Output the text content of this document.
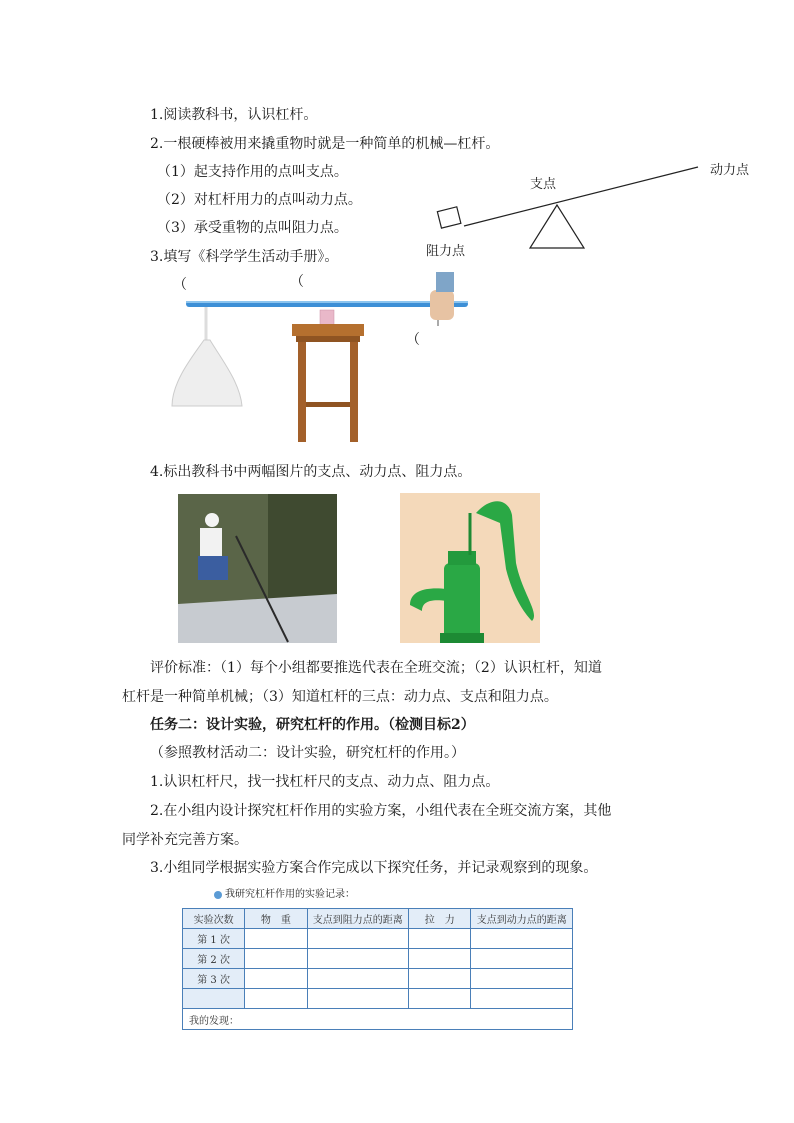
1.阅读教科书，认识杠杆。
2.一根硬棒被用来撬重物时就是一种简单的机械—杠杆。
（1）起支持作用的点叫支点。
（2）对杠杆用力的点叫动力点。
（3）承受重物的点叫阻力点。
3.填写《科学学生活动手册》。
支点
动力点
阻力点
（	（
（
4.标出教科书中两幅图片的支点、动力点、阻力点。
评价标准：（1）每个小组都要推选代表在全班交流；（2）认识杠杆，知道
杠杆是一种简单机械；（3）知道杠杆的三点：动力点、支点和阻力点。
任务二：设计实验，研究杠杆的作用。（检测目标2）
（参照教材活动二：设计实验，研究杠杆的作用。）
1.认识杠杆尺，找一找杠杆尺的支点、动力点、阻力点。
2.在小组内设计探究杠杆作用的实验方案，小组代表在全班交流方案，其他
同学补充完善方案。
3.小组同学根据实验方案合作完成以下探究任务，并记录观察到的现象。
我研究杠杆作用的实验记录：
实验次数	物　重	支点到阻力点的距离	拉　力	支点到动力点的距离
第 1 次				
第 2 次				
第 3 次				

我的发现：				
